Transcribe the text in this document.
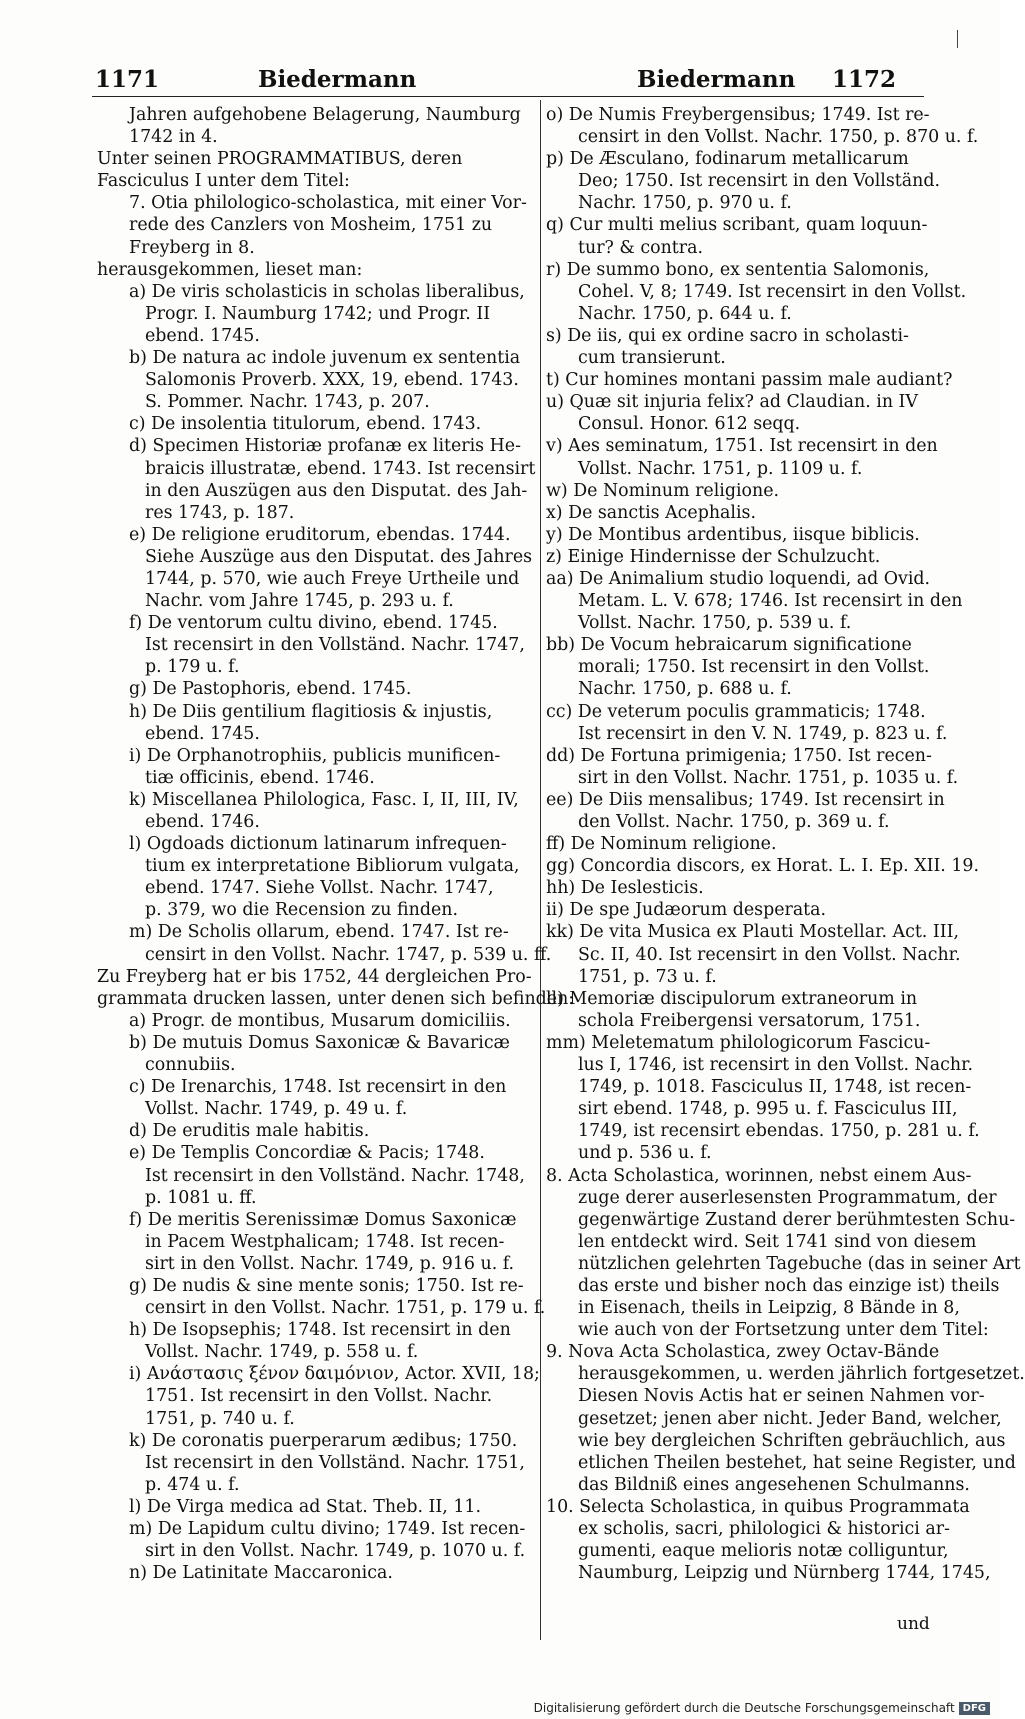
1171	Biedermann	Biedermann 1172
Jahren aufgehobene Belagerung, Naumburg
1742 in 4.
Unter seinen PROGRAMMATIBUS, deren
Fasciculus I unter dem Titel:
7. Otia philologico-scholastica, mit einer Vor-
rede des Canzlers von Mosheim, 1751 zu
Freyberg in 8.
herausgekommen, lieset man:
a) De viris scholasticis in scholas liberalibus,
Progr. I. Naumburg 1742; und Progr. II
ebend. 1745.
b) De natura ac indole juvenum ex sententia
Salomonis Proverb. XXX, 19, ebend. 1743.
S. Pommer. Nachr. 1743, p. 207.
c) De insolentia titulorum, ebend. 1743.
d) Specimen Historiæ profanæ ex literis He-
braicis illustratæ, ebend. 1743. Ist recensirt
in den Auszügen aus den Disputat. des Jah-
res 1743, p. 187.
e) De religione eruditorum, ebendas. 1744.
Siehe Auszüge aus den Disputat. des Jahres
1744, p. 570, wie auch Freye Urtheile und
Nachr. vom Jahre 1745, p. 293 u. f.
f) De ventorum cultu divino, ebend. 1745.
Ist recensirt in den Vollständ. Nachr. 1747,
p. 179 u. f.
g) De Pastophoris, ebend. 1745.
h) De Diis gentilium flagitiosis & injustis,
ebend. 1745.
i) De Orphanotrophiis, publicis munificen-
tiæ officinis, ebend. 1746.
k) Miscellanea Philologica, Fasc. I, II, III, IV,
ebend. 1746.
l) Ogdoads dictionum latinarum infrequen-
tium ex interpretatione Bibliorum vulgata,
ebend. 1747. Siehe Vollst. Nachr. 1747,
p. 379, wo die Recension zu finden.
m) De Scholis ollarum, ebend. 1747. Ist re-
censirt in den Vollst. Nachr. 1747, p. 539 u. ff.
Zu Freyberg hat er bis 1752, 44 dergleichen Pro-
grammata drucken lassen, unter denen sich befinden:
a) Progr. de montibus, Musarum domiciliis.
b) De mutuis Domus Saxonicæ & Bavaricæ
connubiis.
c) De Irenarchis, 1748. Ist recensirt in den
Vollst. Nachr. 1749, p. 49 u. f.
d) De eruditis male habitis.
e) De Templis Concordiæ & Pacis; 1748.
Ist recensirt in den Vollständ. Nachr. 1748,
p. 1081 u. ff.
f) De meritis Serenissimæ Domus Saxonicæ
in Pacem Westphalicam; 1748. Ist recen-
sirt in den Vollst. Nachr. 1749, p. 916 u. f.
g) De nudis & sine mente sonis; 1750. Ist re-
censirt in den Vollst. Nachr. 1751, p. 179 u. f.
h) De Isopsephis; 1748. Ist recensirt in den
Vollst. Nachr. 1749, p. 558 u. f.
i) Ανάστασις ξένον δαιμόνιον, Actor. XVII, 18;
1751. Ist recensirt in den Vollst. Nachr.
1751, p. 740 u. f.
k) De coronatis puerperarum ædibus; 1750.
Ist recensirt in den Vollständ. Nachr. 1751,
p. 474 u. f.
l) De Virga medica ad Stat. Theb. II, 11.
m) De Lapidum cultu divino; 1749. Ist recen-
sirt in den Vollst. Nachr. 1749, p. 1070 u. f.
n) De Latinitate Maccaronica.
o) De Numis Freybergensibus; 1749. Ist re-
censirt in den Vollst. Nachr. 1750, p. 870 u. f.
p) De Æsculano, fodinarum metallicarum
Deo; 1750. Ist recensirt in den Vollständ.
Nachr. 1750, p. 970 u. f.
q) Cur multi melius scribant, quam loquun-
tur? & contra.
r) De summo bono, ex sententia Salomonis,
Cohel. V, 8; 1749. Ist recensirt in den Vollst.
Nachr. 1750, p. 644 u. f.
s) De iis, qui ex ordine sacro in scholasti-
cum transierunt.
t) Cur homines montani passim male audiant?
u) Quæ sit injuria felix? ad Claudian. in IV
Consul. Honor. 612 seqq.
v) Aes seminatum, 1751. Ist recensirt in den
Vollst. Nachr. 1751, p. 1109 u. f.
w) De Nominum religione.
x) De sanctis Acephalis.
y) De Montibus ardentibus, iisque biblicis.
z) Einige Hindernisse der Schulzucht.
aa) De Animalium studio loquendi, ad Ovid.
Metam. L. V. 678; 1746. Ist recensirt in den
Vollst. Nachr. 1750, p. 539 u. f.
bb) De Vocum hebraicarum significatione
morali; 1750. Ist recensirt in den Vollst.
Nachr. 1750, p. 688 u. f.
cc) De veterum poculis grammaticis; 1748.
Ist recensirt in den V. N. 1749, p. 823 u. f.
dd) De Fortuna primigenia; 1750. Ist recen-
sirt in den Vollst. Nachr. 1751, p. 1035 u. f.
ee) De Diis mensalibus; 1749. Ist recensirt in
den Vollst. Nachr. 1750, p. 369 u. f.
ff) De Nominum religione.
gg) Concordia discors, ex Horat. L. I. Ep. XII. 19.
hh) De Ieslesticis.
ii) De spe Judæorum desperata.
kk) De vita Musica ex Plauti Mostellar. Act. III,
Sc. II, 40. Ist recensirt in den Vollst. Nachr.
1751, p. 73 u. f.
ll) Memoriæ discipulorum extraneorum in
schola Freibergensi versatorum, 1751.
mm) Meletematum philologicorum Fascicu-
lus I, 1746, ist recensirt in den Vollst. Nachr.
1749, p. 1018. Fasciculus II, 1748, ist recen-
sirt ebend. 1748, p. 995 u. f. Fasciculus III,
1749, ist recensirt ebendas. 1750, p. 281 u. f.
und p. 536 u. f.
8. Acta Scholastica, worinnen, nebst einem Aus-
zuge derer auserlesensten Programmatum, der
gegenwärtige Zustand derer berühmtesten Schu-
len entdeckt wird. Seit 1741 sind von diesem
nützlichen gelehrten Tagebuche (das in seiner Art
das erste und bisher noch das einzige ist) theils
in Eisenach, theils in Leipzig, 8 Bände in 8,
wie auch von der Fortsetzung unter dem Titel:
9. Nova Acta Scholastica, zwey Octav-Bände
herausgekommen, u. werden jährlich fortgesetzet.
Diesen Novis Actis hat er seinen Nahmen vor-
gesetzet; jenen aber nicht. Jeder Band, welcher,
wie bey dergleichen Schriften gebräuchlich, aus
etlichen Theilen bestehet, hat seine Register, und
das Bildniß eines angesehenen Schulmanns.
10. Selecta Scholastica, in quibus Programmata
ex scholis, sacri, philologici & historici ar-
gumenti, eaque melioris notæ colliguntur,
Naumburg, Leipzig und Nürnberg 1744, 1745,
und
Digitalisierung gefördert durch die Deutsche Forschungsgemeinschaft DFG
